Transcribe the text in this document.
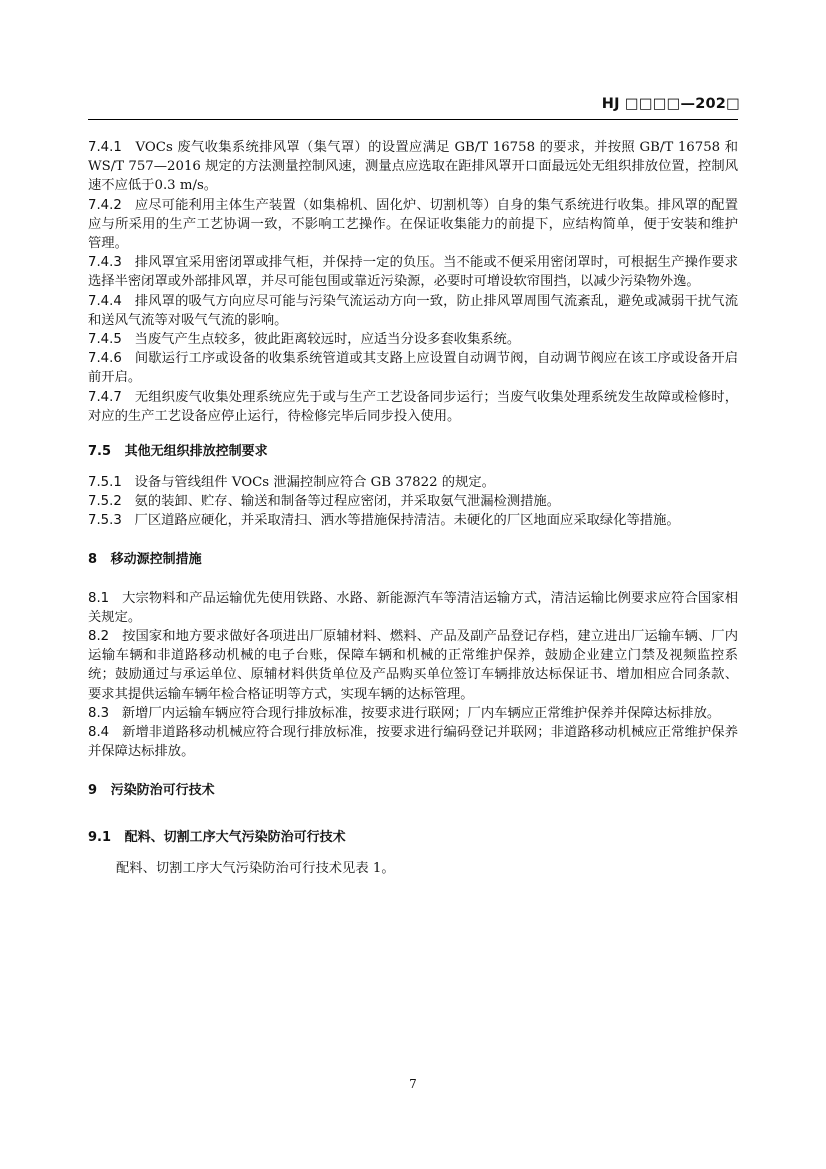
HJ □□□□—202□

7.4.1 VOCs 废气收集系统排风罩（集气罩）的设置应满足 GB/T 16758 的要求，并按照 GB/T 16758 和WS/T 757—2016 规定的方法测量控制风速，测量点应选取在距排风罩开口面最远处无组织排放位置，控制风速不应低于0.3 m/s。

7.4.2 应尽可能利用主体生产装置（如集棉机、固化炉、切割机等）自身的集气系统进行收集。排风罩的配置应与所采用的生产工艺协调一致，不影响工艺操作。在保证收集能力的前提下，应结构简单，便于安装和维护管理。

7.4.3 排风罩宜采用密闭罩或排气柜，并保持一定的负压。当不能或不便采用密闭罩时，可根据生产操作要求选择半密闭罩或外部排风罩，并尽可能包围或靠近污染源，必要时可增设软帘围挡，以减少污染物外逸。

7.4.4 排风罩的吸气方向应尽可能与污染气流运动方向一致，防止排风罩周围气流紊乱，避免或减弱干扰气流和送风气流等对吸气气流的影响。

7.4.5 当废气产生点较多，彼此距离较远时，应适当分设多套收集系统。

7.4.6 间歇运行工序或设备的收集系统管道或其支路上应设置自动调节阀，自动调节阀应在该工序或设备开启前开启。

7.4.7 无组织废气收集处理系统应先于或与生产工艺设备同步运行；当废气收集处理系统发生故障或检修时，对应的生产工艺设备应停止运行，待检修完毕后同步投入使用。

7.5   其他无组织排放控制要求

7.5.1 设备与管线组件 VOCs 泄漏控制应符合 GB 37822 的规定。

7.5.2 氨的装卸、贮存、输送和制备等过程应密闭，并采取氨气泄漏检测措施。

7.5.3 厂区道路应硬化，并采取清扫、洒水等措施保持清洁。未硬化的厂区地面应采取绿化等措施。

8   移动源控制措施

8.1 大宗物料和产品运输优先使用铁路、水路、新能源汽车等清洁运输方式，清洁运输比例要求应符合国家相关规定。

8.2 按国家和地方要求做好各项进出厂原辅材料、燃料、产品及副产品登记存档，建立进出厂运输车辆、厂内运输车辆和非道路移动机械的电子台账，保障车辆和机械的正常维护保养，鼓励企业建立门禁及视频监控系统；鼓励通过与承运单位、原辅材料供货单位及产品购买单位签订车辆排放达标保证书、增加相应合同条款、要求其提供运输车辆年检合格证明等方式，实现车辆的达标管理。

8.3 新增厂内运输车辆应符合现行排放标准，按要求进行联网；厂内车辆应正常维护保养并保障达标排放。

8.4 新增非道路移动机械应符合现行排放标准，按要求进行编码登记并联网；非道路移动机械应正常维护保养并保障达标排放。

9   污染防治可行技术

9.1   配料、切割工序大气污染防治可行技术

配料、切割工序大气污染防治可行技术见表 1。

7
